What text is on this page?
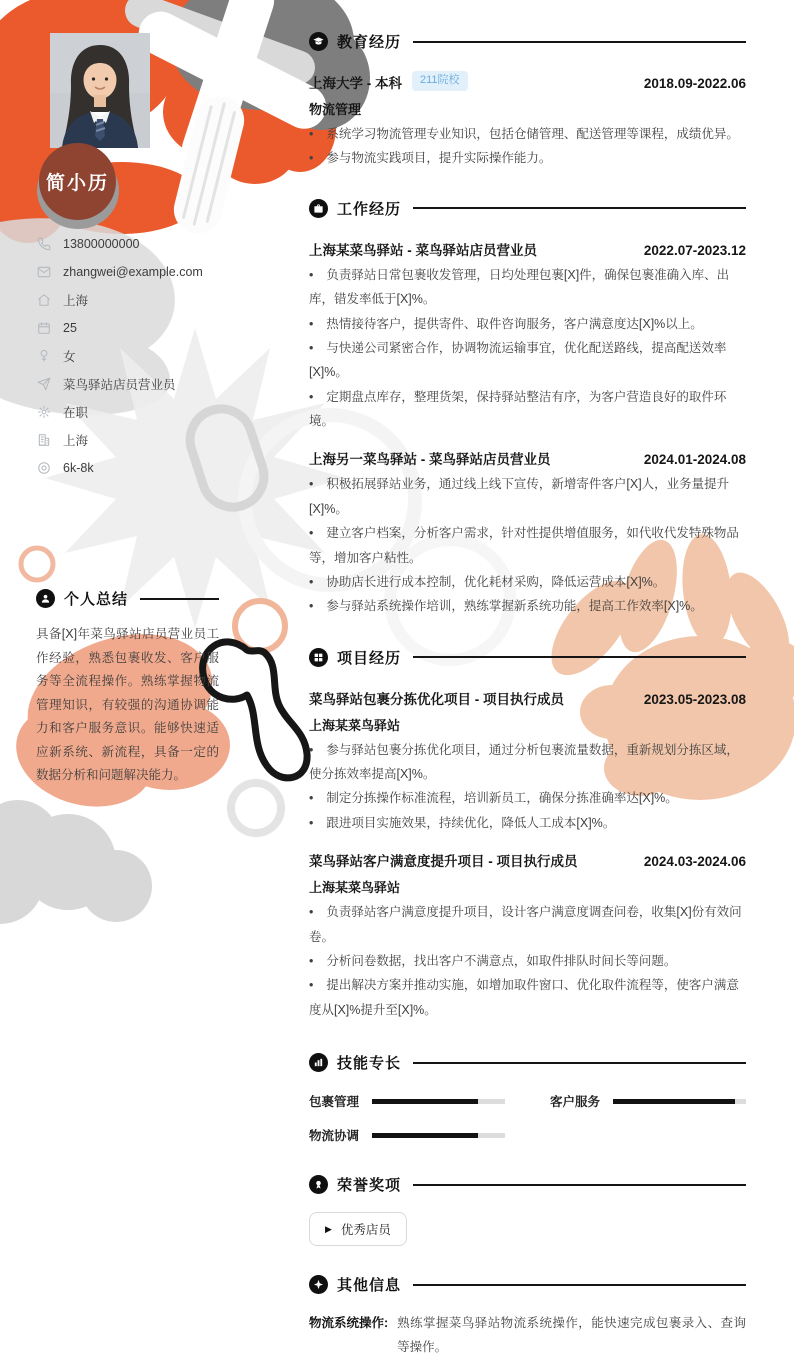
简小历
13800000000
zhangwei@example.com
上海
25
女
菜鸟驿站店员营业员
在职
上海
6k-8k
个人总结

具备[X]年菜鸟驿站店员营业员工作经验，熟悉包裹收发、客户服务等全流程操作。熟练掌握物流管理知识，有较强的沟通协调能力和客户服务意识。能够快速适应新系统、新流程，具备一定的数据分析和问题解决能力。

教育经历
上海大学 - 本科	211院校	2018.09-2022.06
物流管理
• 系统学习物流管理专业知识，包括仓储管理、配送管理等课程，成绩优异。
• 参与物流实践项目，提升实际操作能力。
工作经历
上海某菜鸟驿站 - 菜鸟驿站店员营业员	2022.07-2023.12
• 负责驿站日常包裹收发管理，日均处理包裹[X]件，确保包裹准确入库、出库，错发率低于[X]%。
• 热情接待客户，提供寄件、取件咨询服务，客户满意度达[X]%以上。
• 与快递公司紧密合作，协调物流运输事宜，优化配送路线，提高配送效率[X]%。
• 定期盘点库存，整理货架，保持驿站整洁有序，为客户营造良好的取件环境。
上海另一菜鸟驿站 - 菜鸟驿站店员营业员	2024.01-2024.08
• 积极拓展驿站业务，通过线上线下宣传，新增寄件客户[X]人，业务量提升[X]%。
• 建立客户档案，分析客户需求，针对性提供增值服务，如代收代发特殊物品等，增加客户粘性。
• 协助店长进行成本控制，优化耗材采购，降低运营成本[X]%。
• 参与驿站系统操作培训，熟练掌握新系统功能，提高工作效率[X]%。
项目经历
菜鸟驿站包裹分拣优化项目 - 项目执行成员	2023.05-2023.08
上海某菜鸟驿站
• 参与驿站包裹分拣优化项目，通过分析包裹流量数据，重新规划分拣区域，使分拣效率提高[X]%。
• 制定分拣操作标准流程，培训新员工，确保分拣准确率达[X]%。
• 跟进项目实施效果，持续优化，降低人工成本[X]%。
菜鸟驿站客户满意度提升项目 - 项目执行成员	2024.03-2024.06
上海某菜鸟驿站
• 负责驿站客户满意度提升项目，设计客户满意度调查问卷，收集[X]份有效问卷。
• 分析问卷数据，找出客户不满意点，如取件排队时间长等问题。
• 提出解决方案并推动实施，如增加取件窗口、优化取件流程等，使客户满意度从[X]%提升至[X]%。
技能专长
包裹管理	客户服务
物流协调
荣誉奖项
▶ 优秀店员
其他信息
物流系统操作: 熟练掌握菜鸟驿站物流系统操作，能快速完成包裹录入、查询等操作。
